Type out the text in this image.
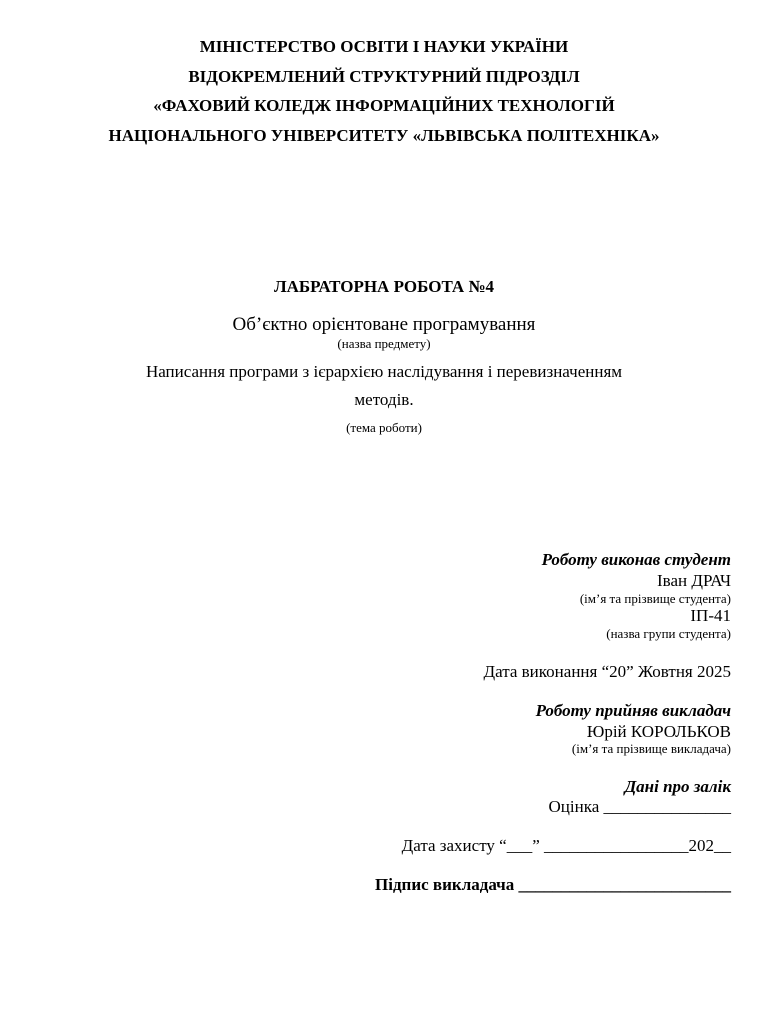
МІНІСТЕРСТВО ОСВІТИ І НАУКИ УКРАЇНИ
ВІДОКРЕМЛЕНИЙ СТРУКТУРНИЙ ПІДРОЗДІЛ
«ФАХОВИЙ КОЛЕДЖ ІНФОРМАЦІЙНИХ ТЕХНОЛОГІЙ
НАЦІОНАЛЬНОГО УНІВЕРСИТЕТУ «ЛЬВІВСЬКА ПОЛІТЕХНІКА»
ЛАБРАТОРНА РОБОТА №4
Об’єктно орієнтоване програмування
(назва предмету)
Написання програми з ієрархією наслідування і перевизначенням методів.
(тема роботи)
Роботу виконав студент
Іван ДРАЧ
(ім’я та прізвище студента)
ІП-41
(назва групи студента)
Дата виконання “20” Жовтня 2025
Роботу прийняв викладач
Юрій КОРОЛЬКОВ
(ім’я та прізвище викладача)
Дані про залік
Оцінка _______________
Дата захисту “___” _________________202__
Підпис викладача _________________________
